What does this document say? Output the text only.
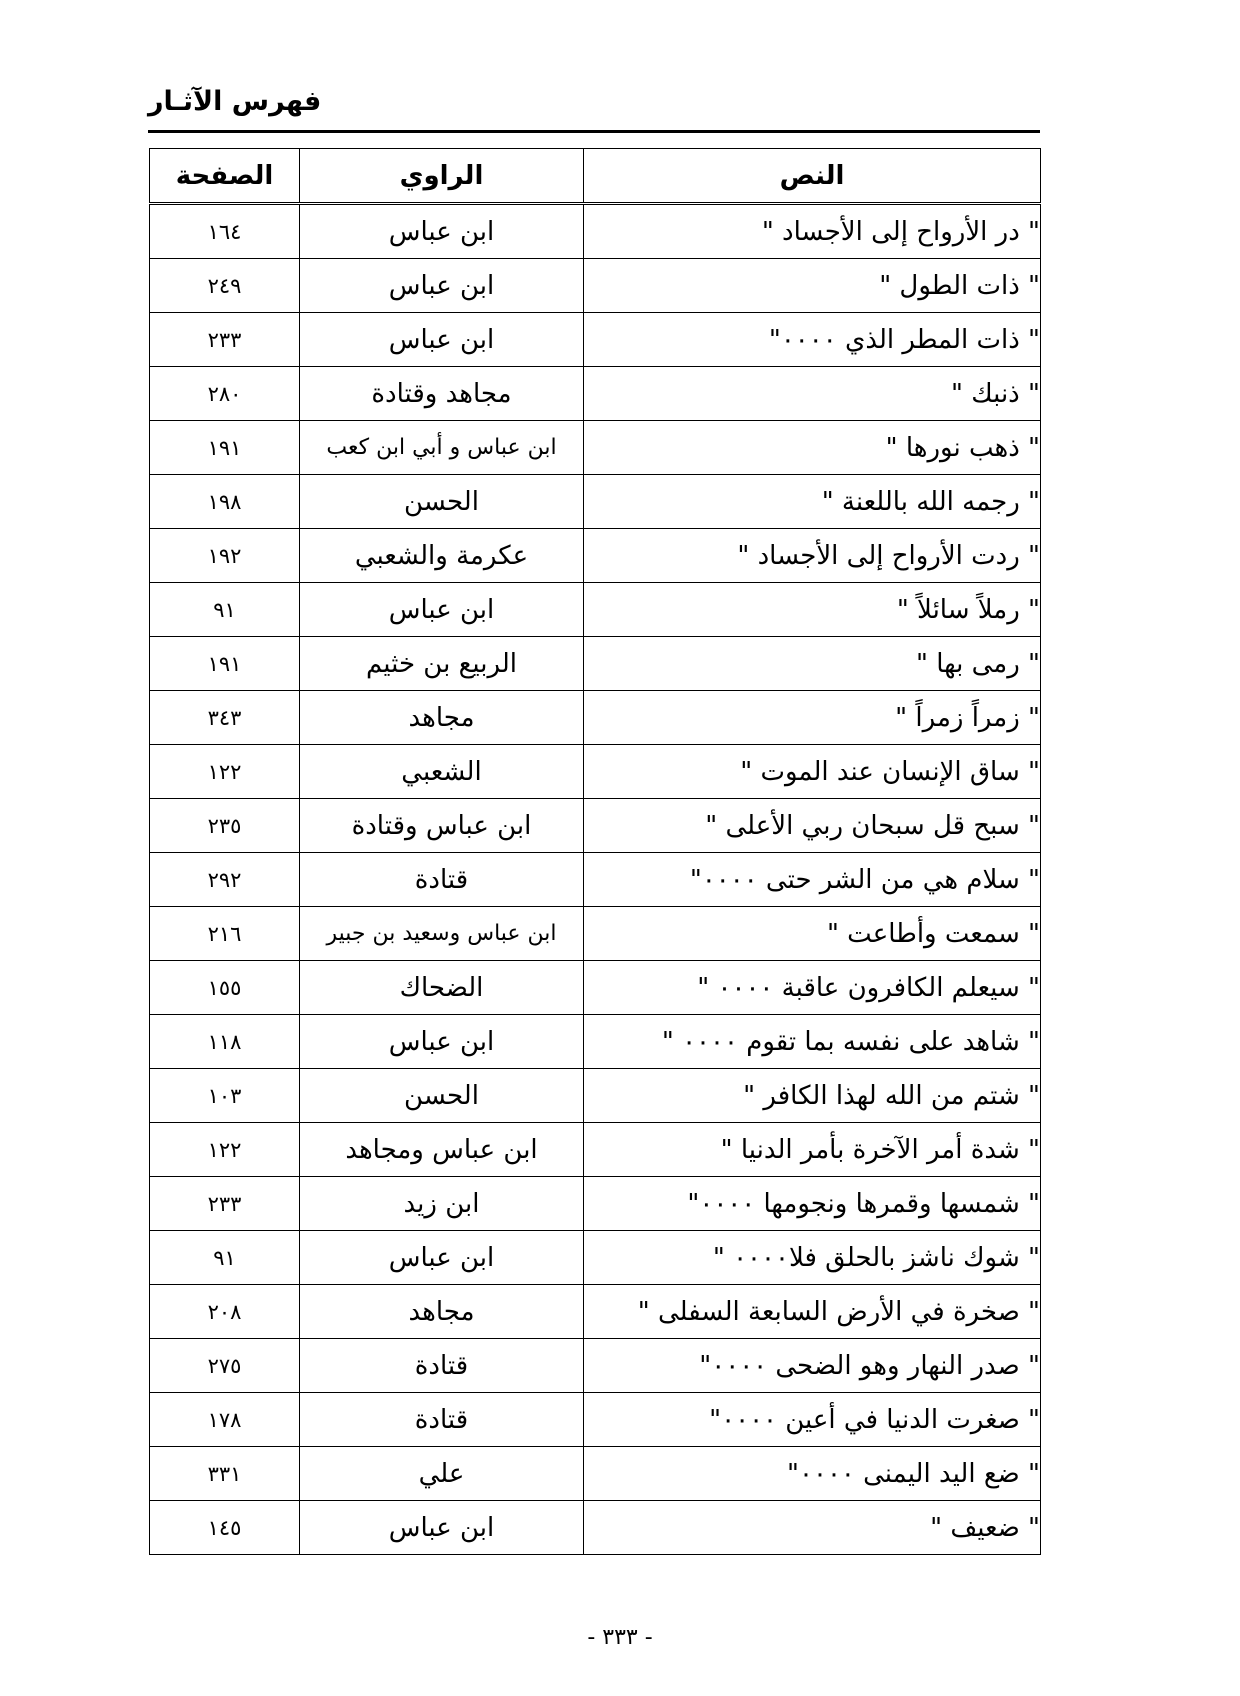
فهرس الآثـار
الصفحة	الراوي	النص
١٦٤	ابن عباس	" در الأرواح إلى الأجساد "
٢٤٩	ابن عباس	" ذات الطول "
٢٣٣	ابن عباس	" ذات المطر الذي ٠٠٠٠"
٢٨٠	مجاهد وقتادة	" ذنبك "
١٩١	ابن عباس و أبي ابن كعب	" ذهب نورها "
١٩٨	الحسن	" رجمه الله باللعنة "
١٩٢	عكرمة والشعبي	" ردت الأرواح إلى الأجساد "
٩١	ابن عباس	" رملاً سائلاً "
١٩١	الربيع بن خثيم	" رمى بها "
٣٤٣	مجاهد	" زمراً زمراً "
١٢٢	الشعبي	" ساق الإنسان عند الموت "
٢٣٥	ابن عباس وقتادة	" سبح قل سبحان ربي الأعلى "
٢٩٢	قتادة	" سلام هي من الشر حتى ٠٠٠٠"
٢١٦	ابن عباس وسعيد بن جبير	" سمعت وأطاعت "
١٥٥	الضحاك	" سيعلم الكافرون عاقبة ٠٠٠٠ "
١١٨	ابن عباس	" شاهد على نفسه بما تقوم ٠٠٠٠ "
١٠٣	الحسن	" شتم من الله لهذا الكافر "
١٢٢	ابن عباس ومجاهد	" شدة أمر الآخرة بأمر الدنيا "
٢٣٣	ابن زيد	" شمسها وقمرها ونجومها ٠٠٠٠"
٩١	ابن عباس	" شوك ناشز بالحلق فلا٠٠٠٠ "
٢٠٨	مجاهد	" صخرة في الأرض السابعة السفلى "
٢٧٥	قتادة	" صدر النهار وهو الضحى ٠٠٠٠"
١٧٨	قتادة	" صغرت الدنيا في أعين ٠٠٠٠"
٣٣١	علي	" ضع اليد اليمنى ٠٠٠٠"
١٤٥	ابن عباس	" ضعيف "
- ٣٣٣ -
